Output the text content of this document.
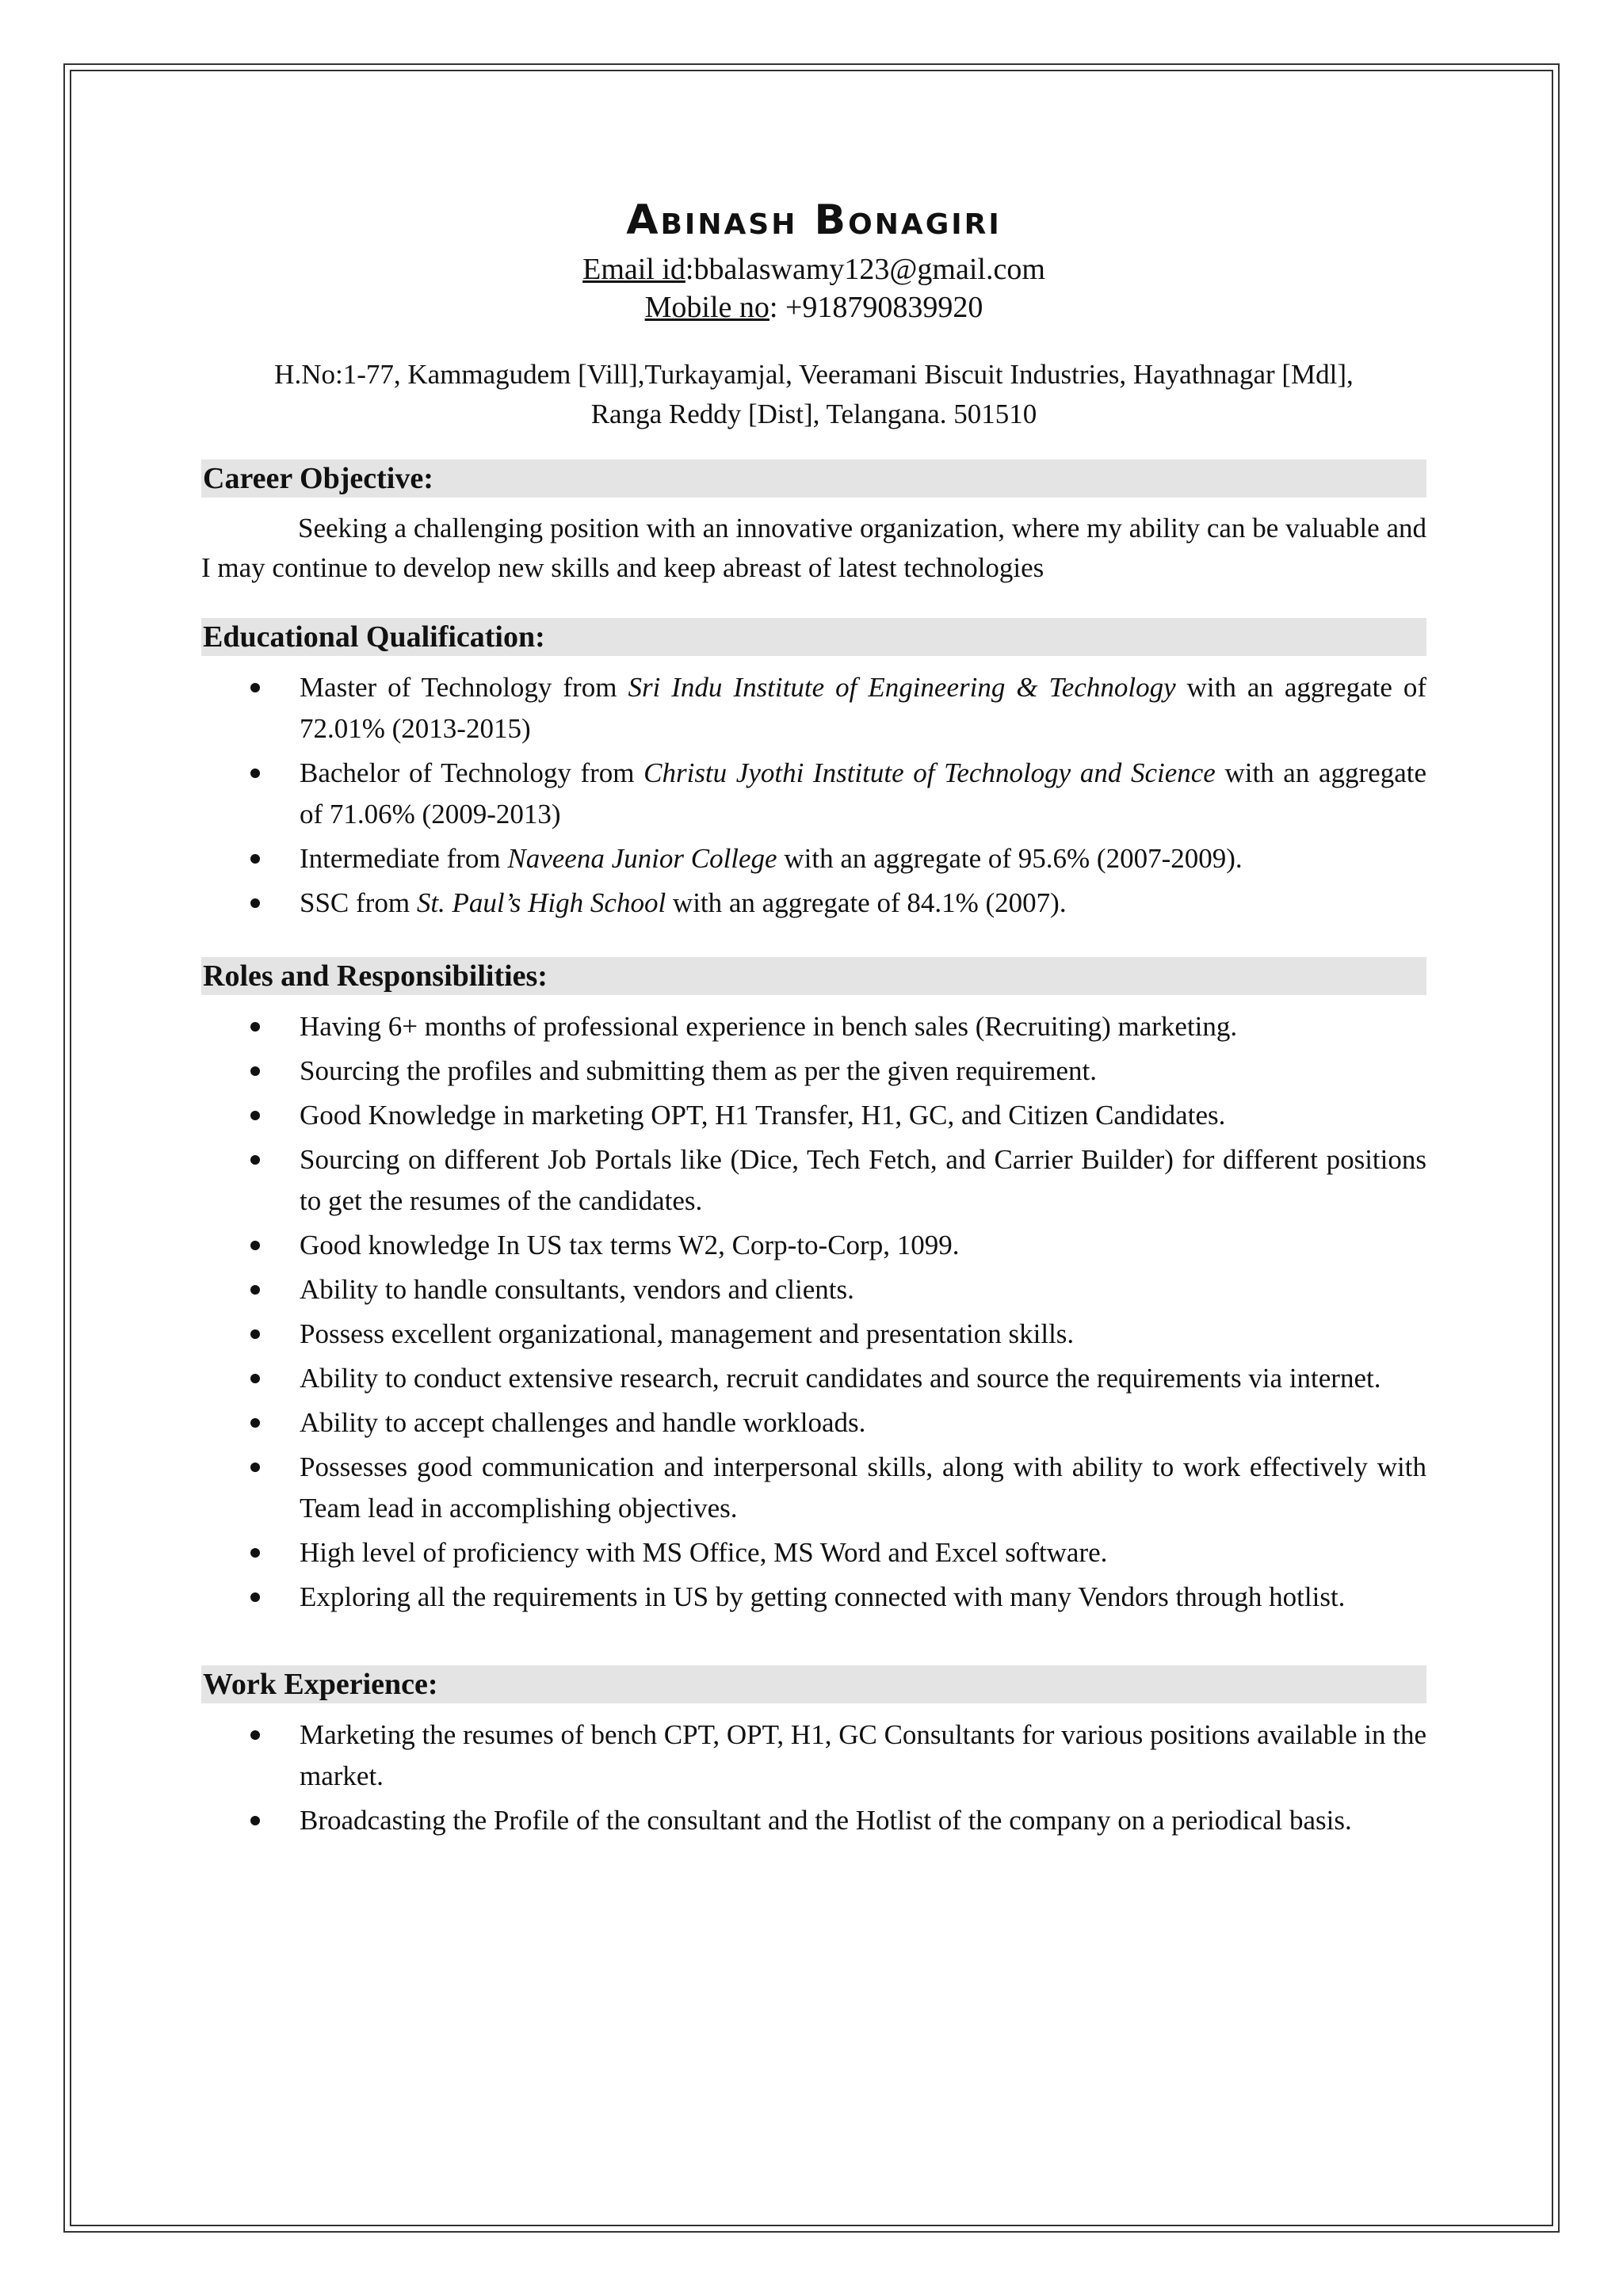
Abinash Bonagiri
Email id:bbalaswamy123@gmail.com
Mobile no: +918790839920
H.No:1-77, Kammagudem [Vill],Turkayamjal, Veeramani Biscuit Industries, Hayathnagar [Mdl],
Ranga Reddy [Dist], Telangana. 501510
Career Objective:
Seeking a challenging position with an innovative organization, where my ability can be valuable and I may continue to develop new skills and keep abreast of latest technologies
Educational Qualification:
Master of Technology from Sri Indu Institute of Engineering & Technology with an aggregate of 72.01% (2013-2015)
Bachelor of Technology from Christu Jyothi Institute of Technology and Science with an aggregate of 71.06% (2009-2013)
Intermediate from Naveena Junior College with an aggregate of 95.6% (2007-2009).
SSC from St. Paul’s High School with an aggregate of 84.1% (2007).
Roles and Responsibilities:
Having 6+ months of professional experience in bench sales (Recruiting) marketing.
Sourcing the profiles and submitting them as per the given requirement.
Good Knowledge in marketing OPT, H1 Transfer, H1, GC, and Citizen Candidates.
Sourcing on different Job Portals like (Dice, Tech Fetch, and Carrier Builder) for different positions to get the resumes of the candidates.
Good knowledge In US tax terms W2, Corp-to-Corp, 1099.
Ability to handle consultants, vendors and clients.
Possess excellent organizational, management and presentation skills.
Ability to conduct extensive research, recruit candidates and source the requirements via internet.
Ability to accept challenges and handle workloads.
Possesses good communication and interpersonal skills, along with ability to work effectively with Team lead in accomplishing objectives.
High level of proficiency with MS Office, MS Word and Excel software.
Exploring all the requirements in US by getting connected with many Vendors through hotlist.
Work Experience:
Marketing the resumes of bench CPT, OPT, H1, GC Consultants for various positions available in the market.
Broadcasting the Profile of the consultant and the Hotlist of the company on a periodical basis.
